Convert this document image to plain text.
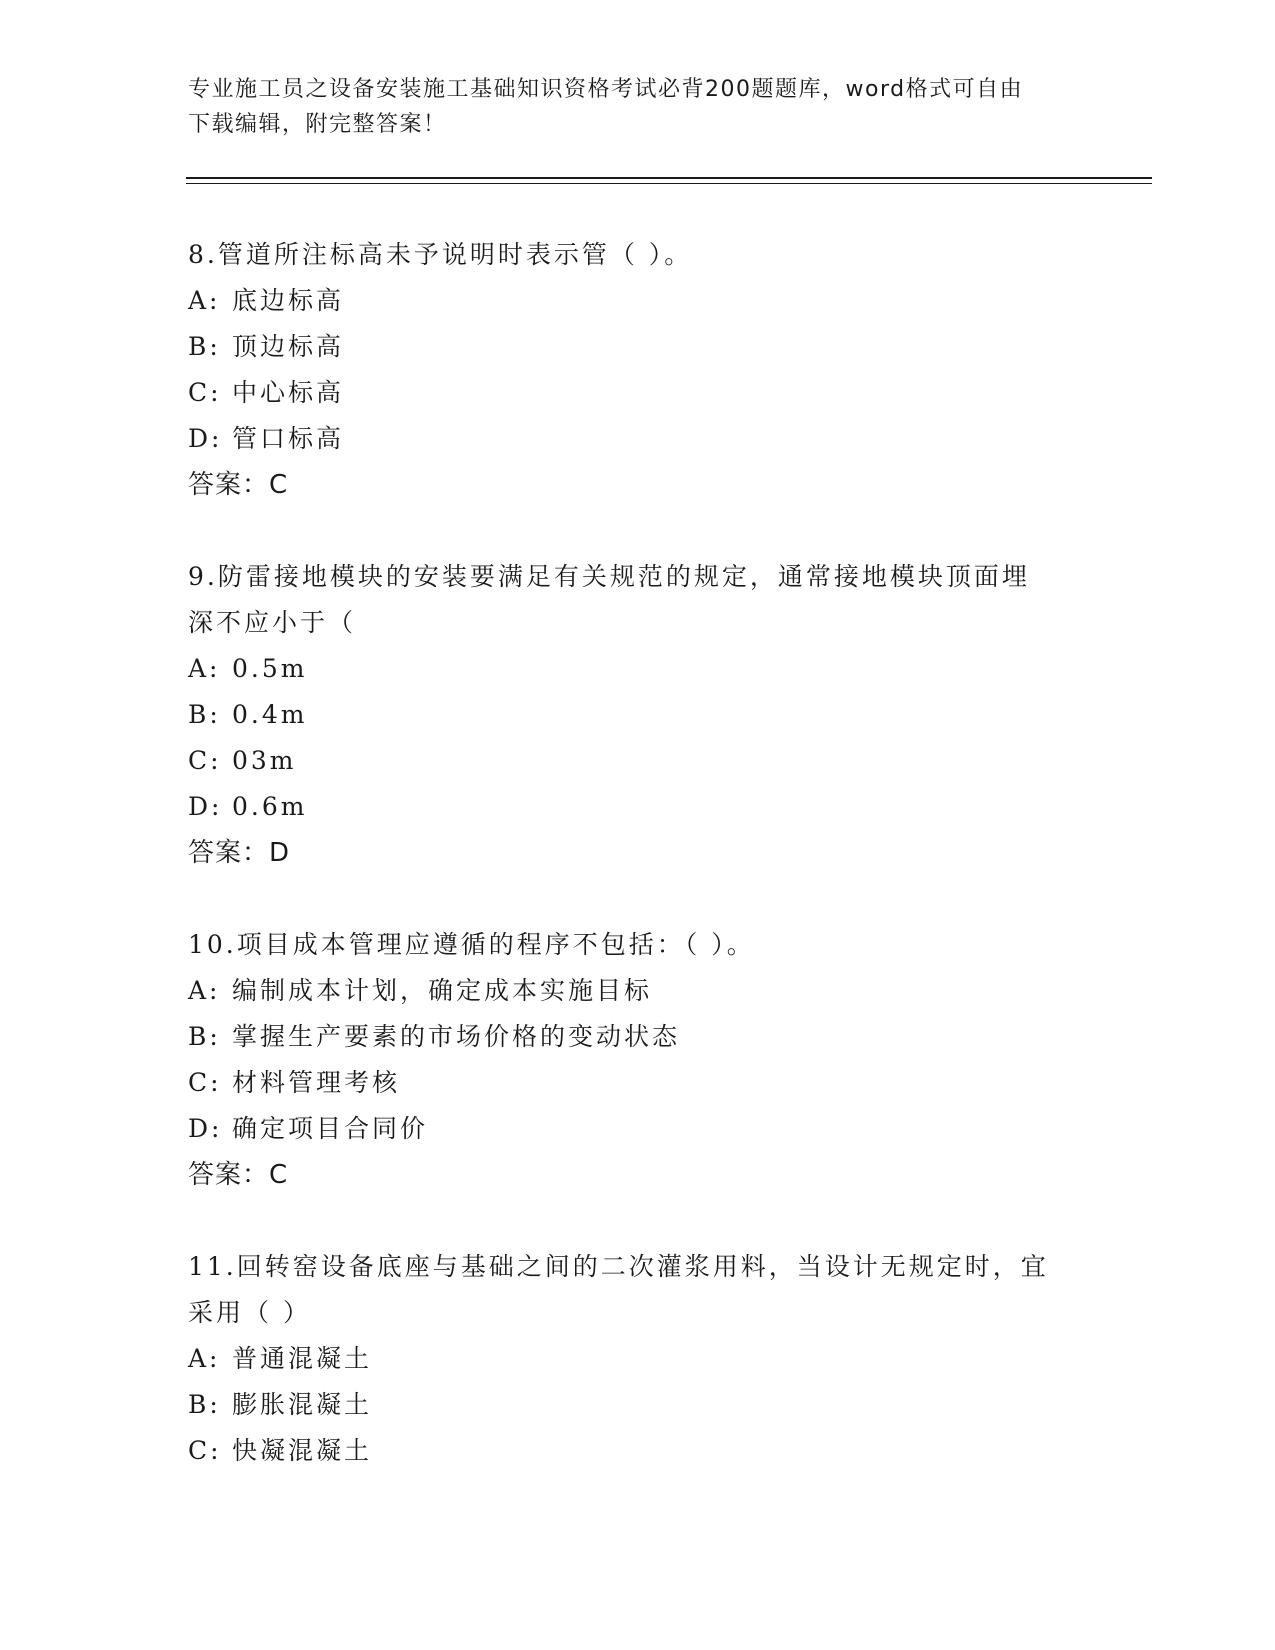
专业施工员之设备安装施工基础知识资格考试必背200题题库，word格式可自由
下载编辑，附完整答案！
8.管道所注标高未予说明时表示管（ ）。
A: 底边标高
B: 顶边标高
C: 中心标高
D: 管口标高
答案：C
9.防雷接地模块的安装要满足有关规范的规定，通常接地模块顶面埋
深不应小于（
A: 0.5m
B: 0.4m
C: 03m
D: 0.6m
答案：D
10.项目成本管理应遵循的程序不包括：（ ）。
A: 编制成本计划，确定成本实施目标
B: 掌握生产要素的市场价格的变动状态
C: 材料管理考核
D: 确定项目合同价
答案：C
11.回转窑设备底座与基础之间的二次灌浆用料，当设计无规定时，宜
采用（ ）
A: 普通混凝土
B: 膨胀混凝土
C: 快凝混凝土
